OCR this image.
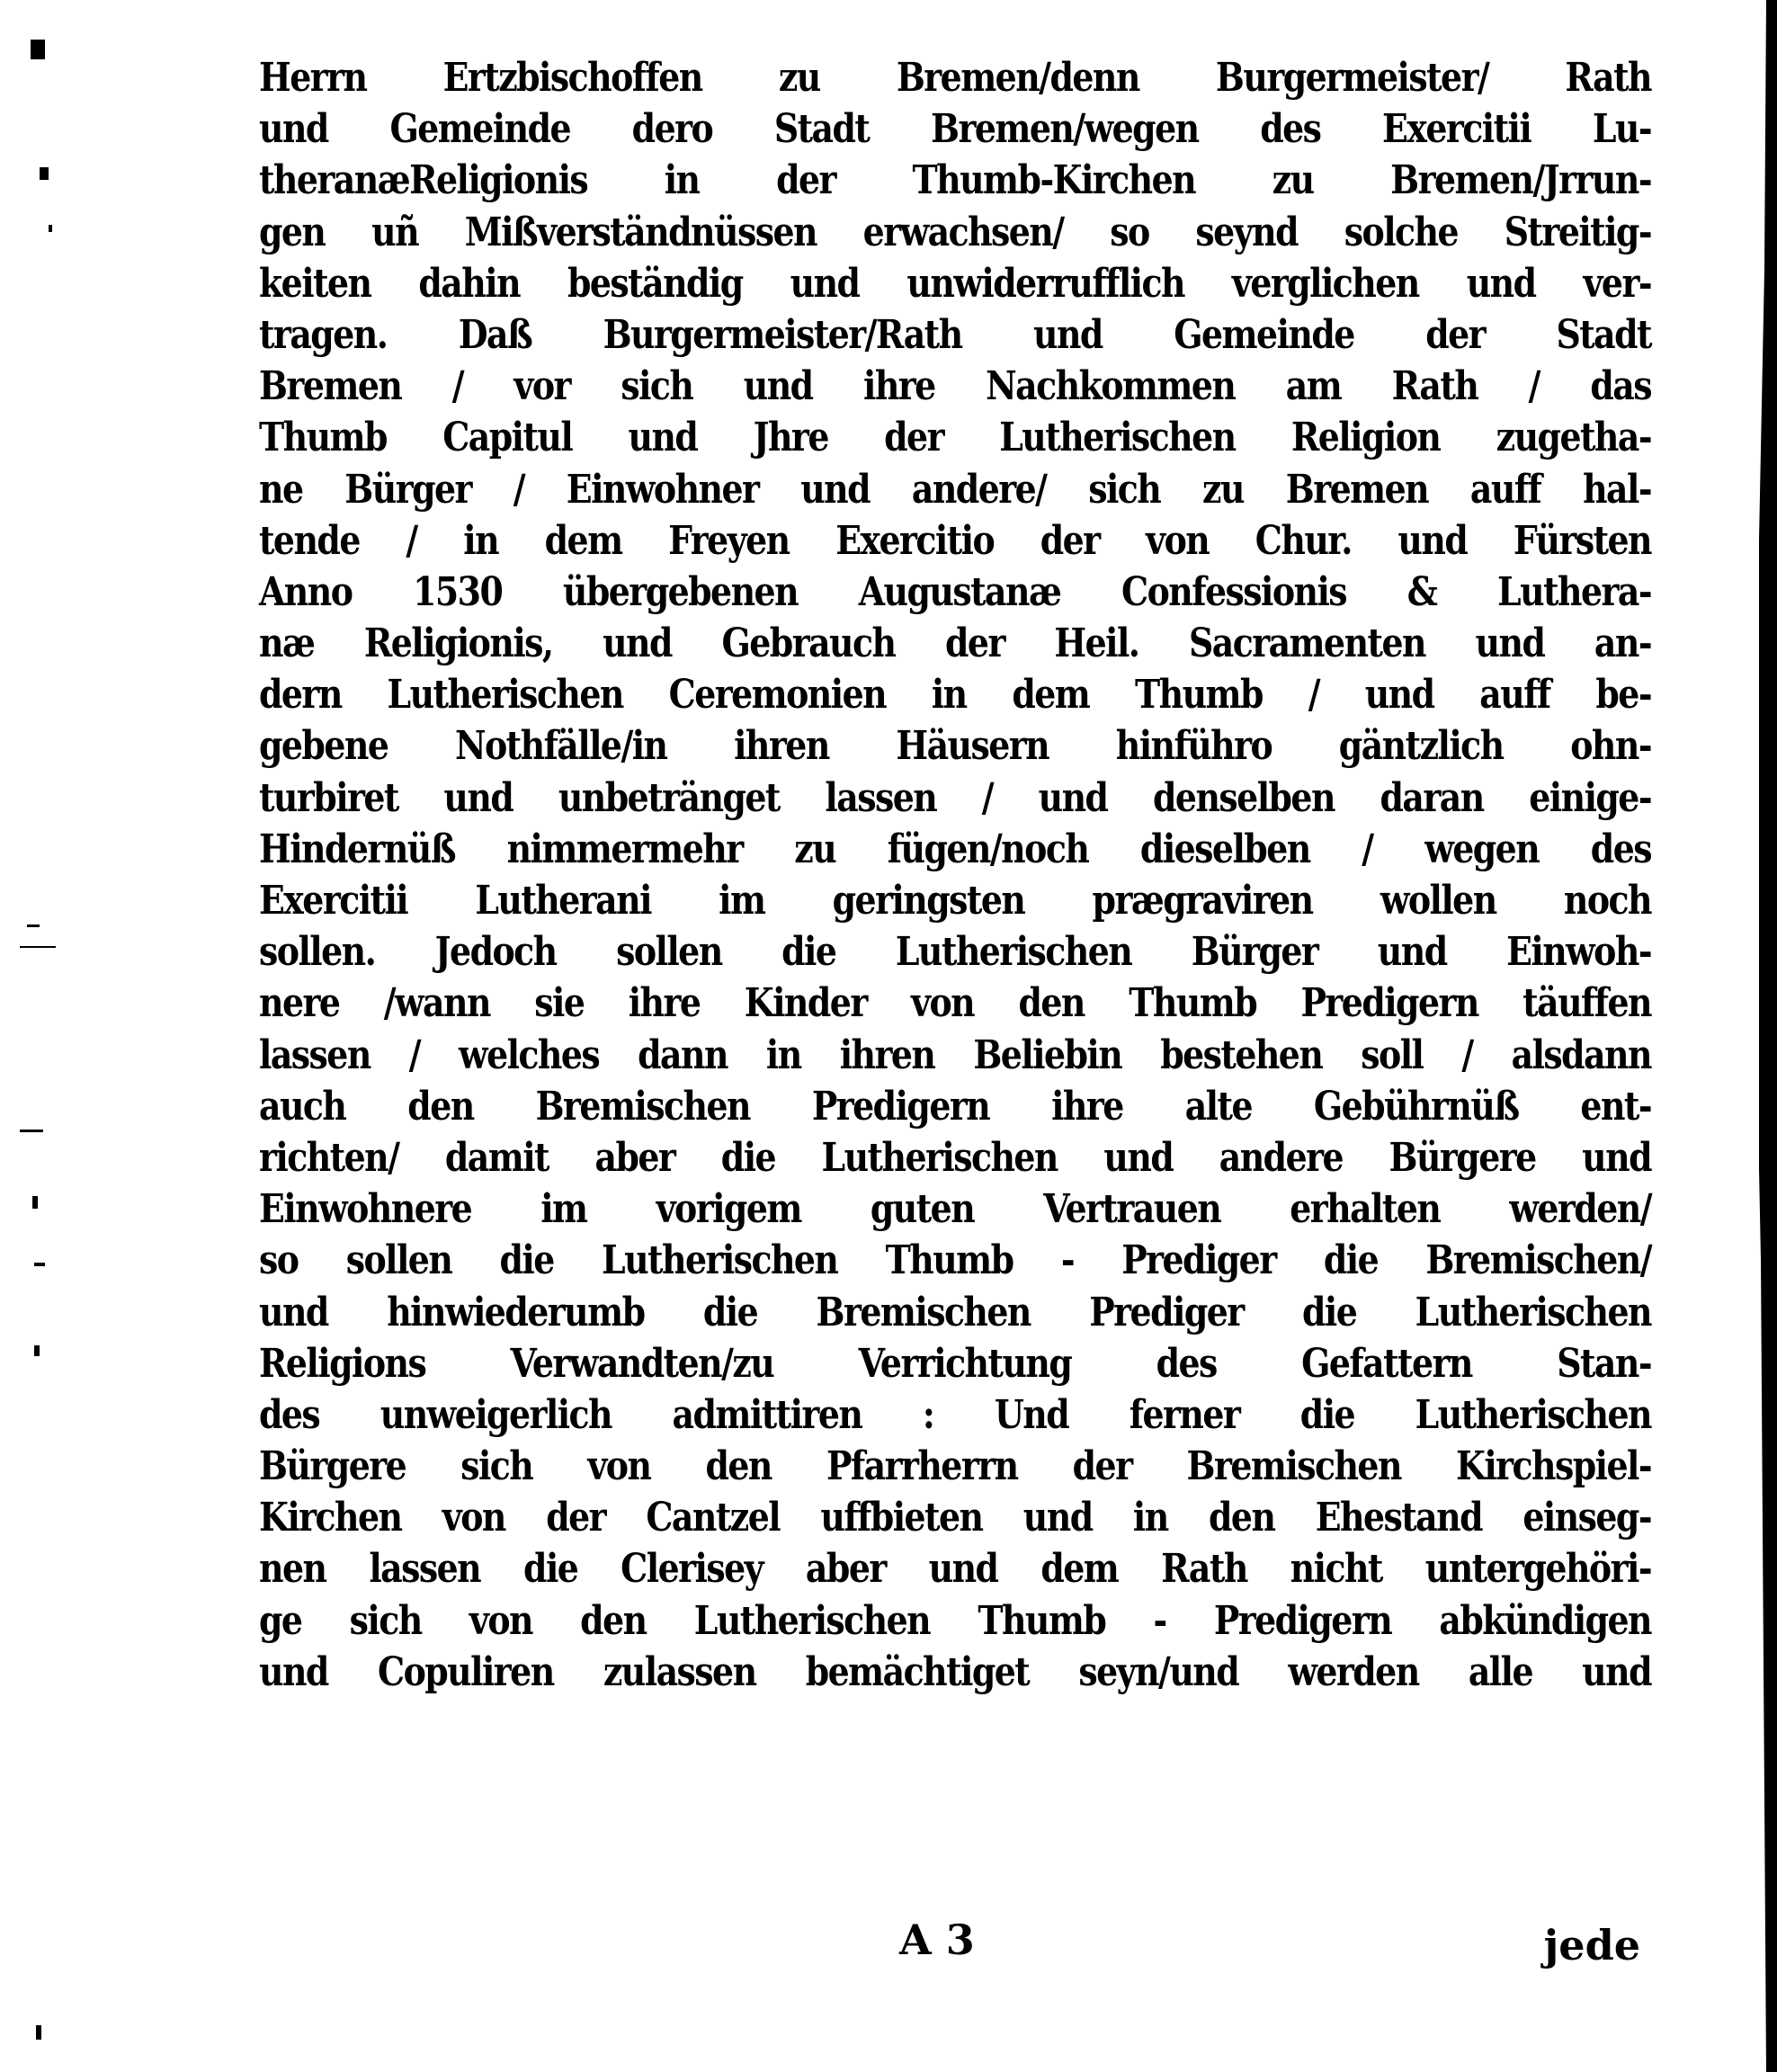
Herrn Ertzbischoffen zu Bremen/denn Burgermeister/ Rath
und Gemeinde dero Stadt Bremen/wegen des Exercitii Lu-
theranæReligionis in der Thumb-Kirchen zu Bremen/Jrrun-
gen uñ Mißverständnüssen erwachsen/ so seynd solche Streitig-
keiten dahin beständig und unwiderrufflich verglichen und ver-
tragen. Daß Burgermeister/Rath und Gemeinde der Stadt
Bremen / vor sich und ihre Nachkommen am Rath / das
Thumb Capitul und Jhre der Lutherischen Religion zugetha-
ne Bürger / Einwohner und andere/ sich zu Bremen auff hal-
tende / in dem Freyen Exercitio der von Chur. und Fürsten
Anno 1530 übergebenen Augustanæ Confessionis & Luthera-
næ Religionis, und Gebrauch der Heil. Sacramenten und an-
dern Lutherischen Ceremonien in dem Thumb / und auff be-
gebene Nothfälle/in ihren Häusern hinführo gäntzlich ohn-
turbiret und unbetränget lassen / und denselben daran einige-
Hindernüß nimmermehr zu fügen/noch dieselben / wegen des
Exercitii Lutherani im geringsten prægraviren wollen noch
sollen. Jedoch sollen die Lutherischen Bürger und Einwoh-
nere /wann sie ihre Kinder von den Thumb Predigern täuffen
lassen / welches dann in ihren Beliebin bestehen soll / alsdann
auch den Bremischen Predigern ihre alte Gebührnüß ent-
richten/ damit aber die Lutherischen und andere Bürgere und
Einwohnere im vorigem guten Vertrauen erhalten werden/
so sollen die Lutherischen Thumb - Prediger die Bremischen/
und hinwiederumb die Bremischen Prediger die Lutherischen
Religions Verwandten/zu Verrichtung des Gefattern Stan-
des unweigerlich admittiren : Und ferner die Lutherischen
Bürgere sich von den Pfarrherrn der Bremischen Kirchspiel-
Kirchen von der Cantzel uffbieten und in den Ehestand einseg-
nen lassen die Clerisey aber und dem Rath nicht untergehöri-
ge sich von den Lutherischen Thumb - Predigern abkündigen
und Copuliren zulassen bemächtiget seyn/und werden alle und
A 3	jede
